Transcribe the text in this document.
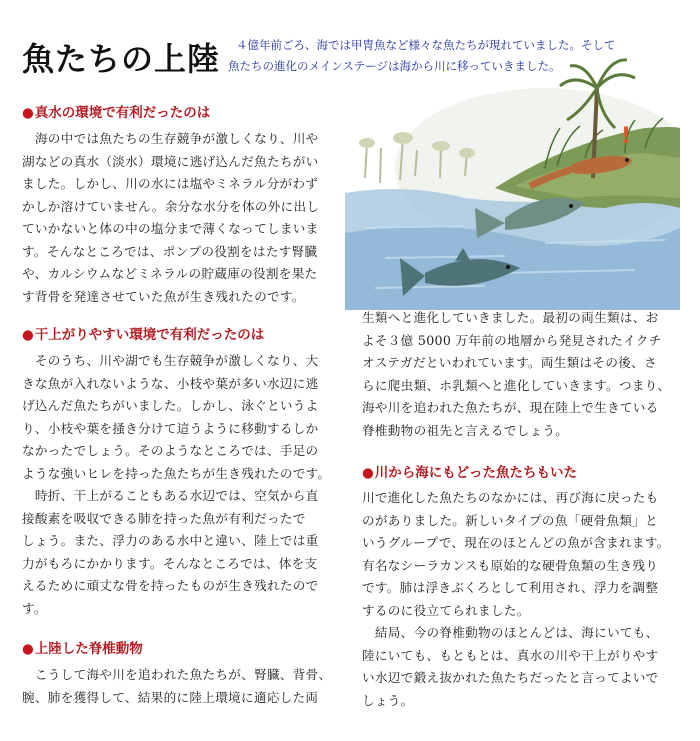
魚たちの上陸	４億年前ごろ、海では甲冑魚など様々な魚たちが現れていました。そして

魚たちの進化のメインステージは海から川に移っていきました。

!
●真水の環境で有利だったのは

　海の中では魚たちの生存競争が激しくなり、川や
湖などの真水（淡水）環境に逃げ込んだ魚たちがい
ました。しかし、川の水には塩やミネラル分がわず
かしか溶けていません。余分な水分を体の外に出し
ていかないと体の中の塩分まで薄くなってしまいま
す。そんなところでは、ポンプの役割をはたす腎臓
や、カルシウムなどミネラルの貯蔵庫の役割を果た
す背骨を発達させていた魚が生き残れたのです。

●干上がりやすい環境で有利だったのは

　そのうち、川や湖でも生存競争が激しくなり、大
きな魚が入れないような、小枝や葉が多い水辺に逃
げ込んだ魚たちがいました。しかし、泳ぐというよ
り、小枝や葉を掻き分けて這うように移動するしか
なかったでしょう。そのようなところでは、手足の
ような強いヒレを持った魚たちが生き残れたのです。
　時折、干上がることもある水辺では、空気から直
接酸素を吸収できる肺を持った魚が有利だったで
しょう。また、浮力のある水中と違い、陸上では重
力がもろにかかります。そんなところでは、体を支
えるために頑丈な骨を持ったものが生き残れたので
す。

●上陸した脊椎動物

　こうして海や川を追われた魚たちが、腎臓、背骨、
腕、肺を獲得して、結果的に陸上環境に適応した両

生類へと進化していきました。最初の両生類は、お
よそ３億 5000 万年前の地層から発見されたイクチ
オステガだといわれています。両生類はその後、さ
らに爬虫類、ホ乳類へと進化していきます。つまり、
海や川を追われた魚たちが、現在陸上で生きている
脊椎動物の祖先と言えるでしょう。

●川から海にもどった魚たちもいた

川で進化した魚たちのなかには、再び海に戻ったも
のがありました。新しいタイプの魚「硬骨魚類」と
いうグループで、現在のほとんどの魚が含まれます。
有名なシーラカンスも原始的な硬骨魚類の生き残り
です。肺は浮きぶくろとして利用され、浮力を調整
するのに役立てられました。
　結局、今の脊椎動物のほとんどは、海にいても、
陸にいても、もともとは、真水の川や干上がりやす
い水辺で鍛え抜かれた魚たちだったと言ってよいで
しょう。
